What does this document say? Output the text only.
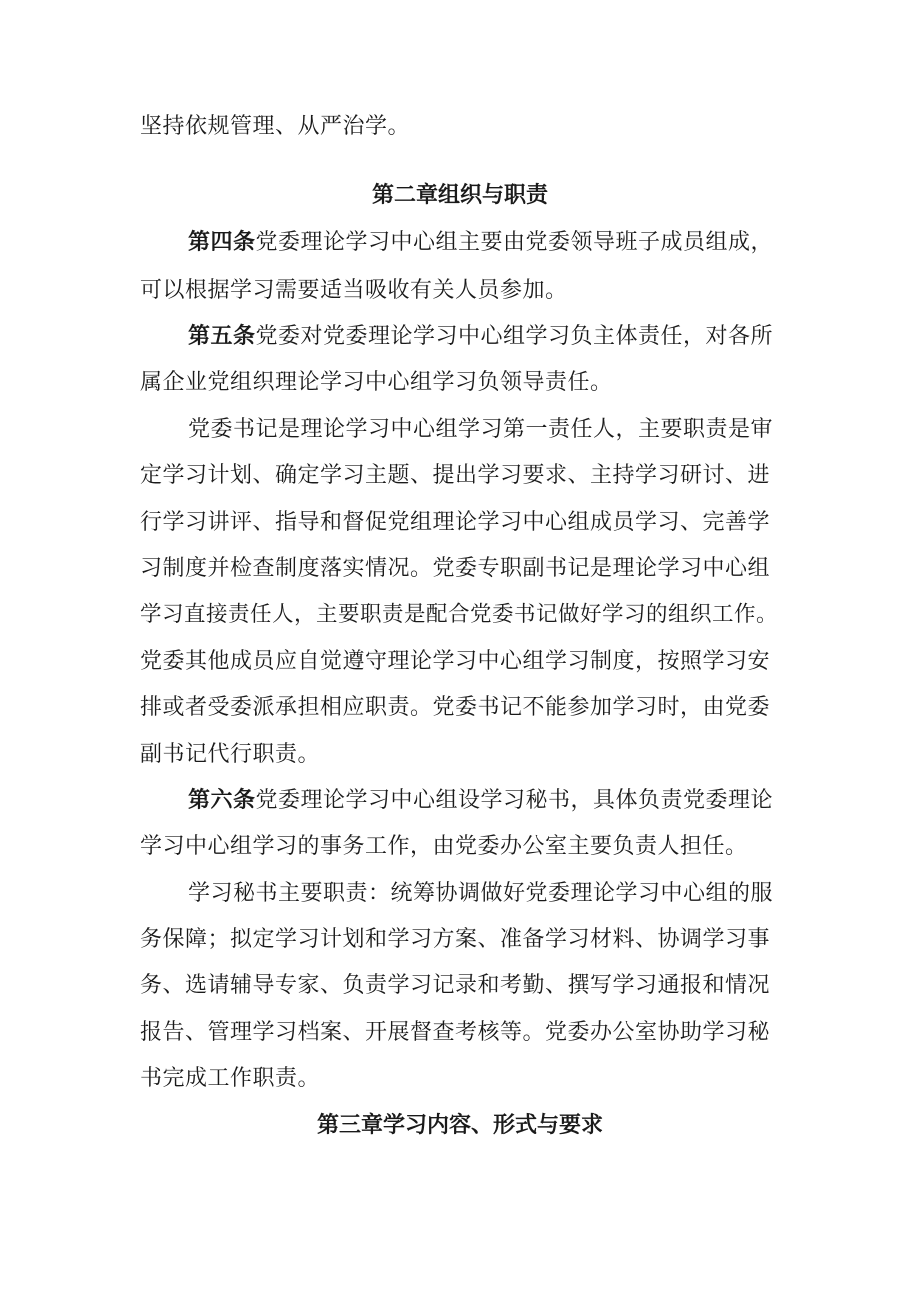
坚持依规管理、从严治学。
第二章组织与职责
第四条党委理论学习中心组主要由党委领导班子成员组成，
可以根据学习需要适当吸收有关人员参加。
第五条党委对党委理论学习中心组学习负主体责任，对各所
属企业党组织理论学习中心组学习负领导责任。
党委书记是理论学习中心组学习第一责任人，主要职责是审
定学习计划、确定学习主题、提出学习要求、主持学习研讨、进
行学习讲评、指导和督促党组理论学习中心组成员学习、完善学
习制度并检查制度落实情况。党委专职副书记是理论学习中心组
学习直接责任人，主要职责是配合党委书记做好学习的组织工作。
党委其他成员应自觉遵守理论学习中心组学习制度，按照学习安
排或者受委派承担相应职责。党委书记不能参加学习时，由党委
副书记代行职责。
第六条党委理论学习中心组设学习秘书，具体负责党委理论
学习中心组学习的事务工作，由党委办公室主要负责人担任。
学习秘书主要职责：统筹协调做好党委理论学习中心组的服
务保障；拟定学习计划和学习方案、准备学习材料、协调学习事
务、选请辅导专家、负责学习记录和考勤、撰写学习通报和情况
报告、管理学习档案、开展督查考核等。党委办公室协助学习秘
书完成工作职责。
第三章学习内容、形式与要求
